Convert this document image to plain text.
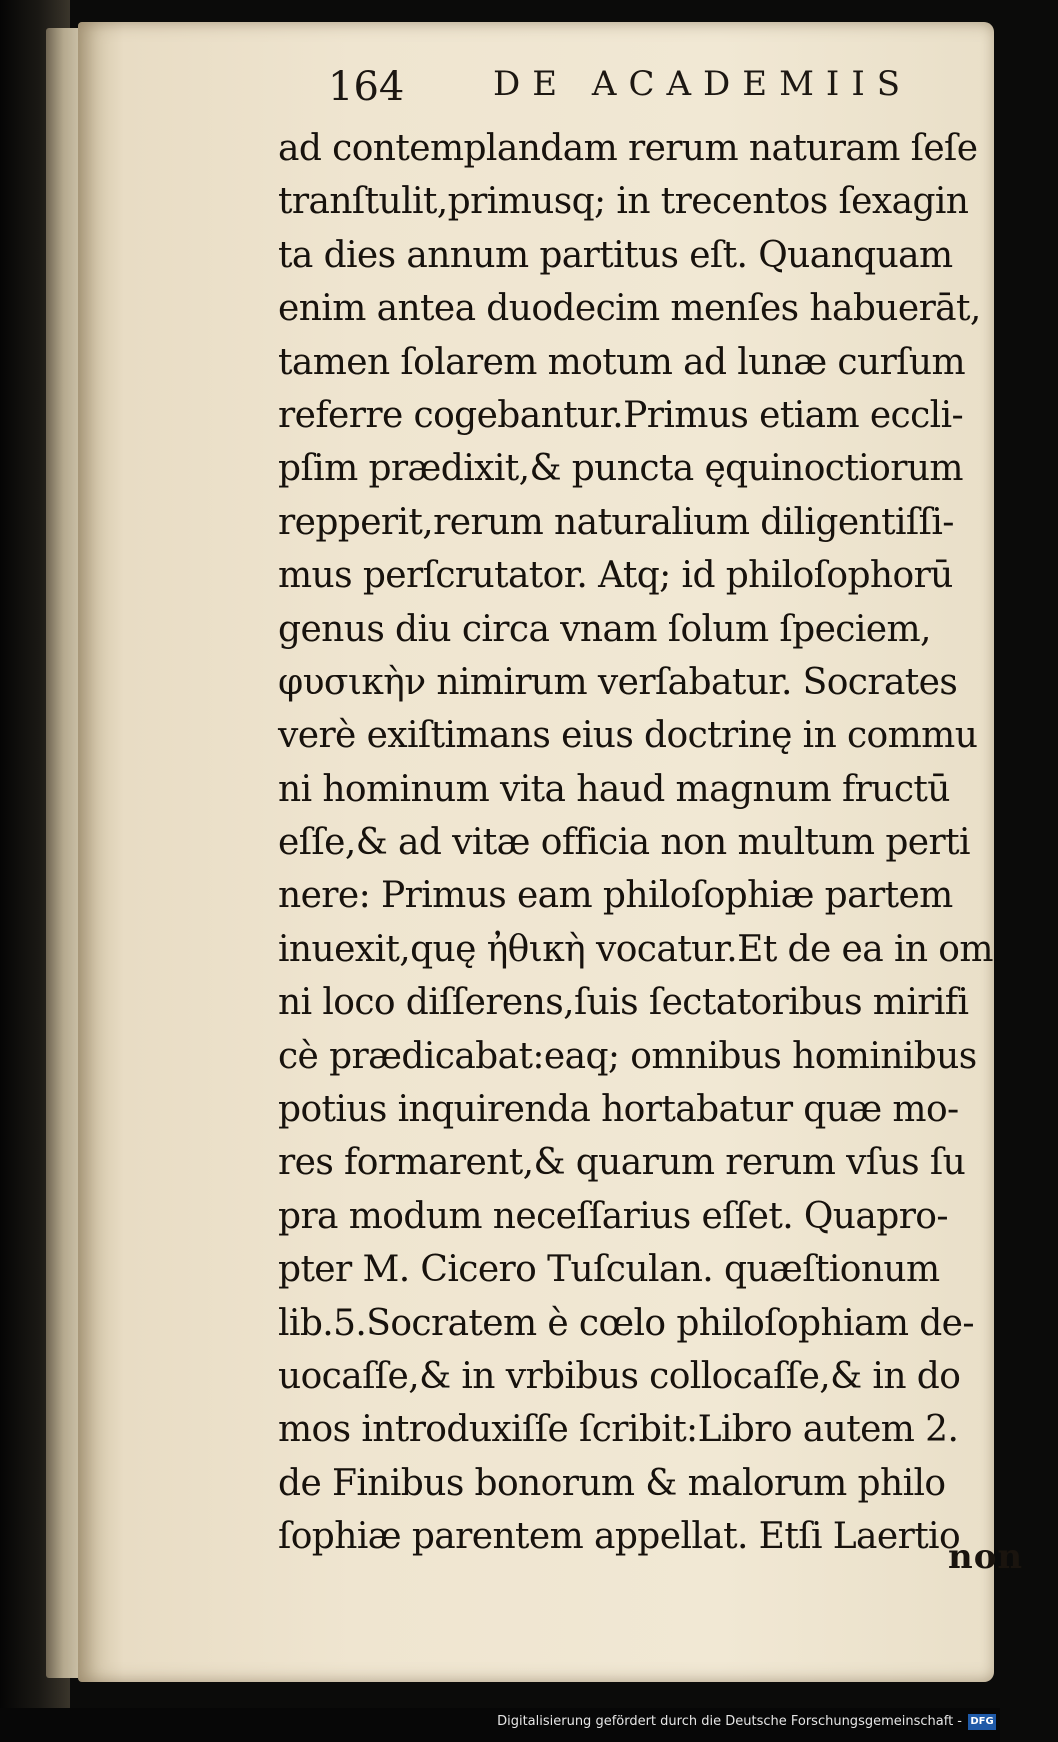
164	DE ACADEMIIS
ad contemplandam rerum naturam ſeſe
tranſtulit,primusq; in trecentos ſexagin
ta dies annum partitus eſt. Quanquam
enim antea duodecim menſes habuerāt,
tamen ſolarem motum ad lunæ curſum
referre cogebantur.Primus etiam eccli-
pſim prædixit,& puncta ęquinoctiorum
repperit,rerum naturalium diligentiſſi-
mus perſcrutator. Atq; id philoſophorū
genus diu circa vnam ſolum ſpeciem,
φυσικὴν nimirum verſabatur. Socrates
verè exiſtimans eius doctrinę in commu
ni hominum vita haud magnum fructū
eſſe,& ad vitæ officia non multum perti
nere: Primus eam philoſophiæ partem
inuexit,quę ἠθικὴ vocatur.Et de ea in om
ni loco diſſerens,ſuis ſectatoribus mirifi
cè prædicabat:eaq; omnibus hominibus
potius inquirenda hortabatur quæ mo-
res formarent,& quarum rerum vſus ſu
pra modum neceſſarius eſſet. Quapro-
pter M. Cicero Tuſculan. quæſtionum
lib.5.Socratem è cœlo philoſophiam de-
uocaſſe,& in vrbibus collocaſſe,& in do
mos introduxiſſe ſcribit:Libro autem 2.
de Finibus bonorum & malorum philo
ſophiæ parentem appellat. Etſi Laertio
non
Digitalisierung gefördert durch die Deutsche Forschungsgemeinschaft - DFG
